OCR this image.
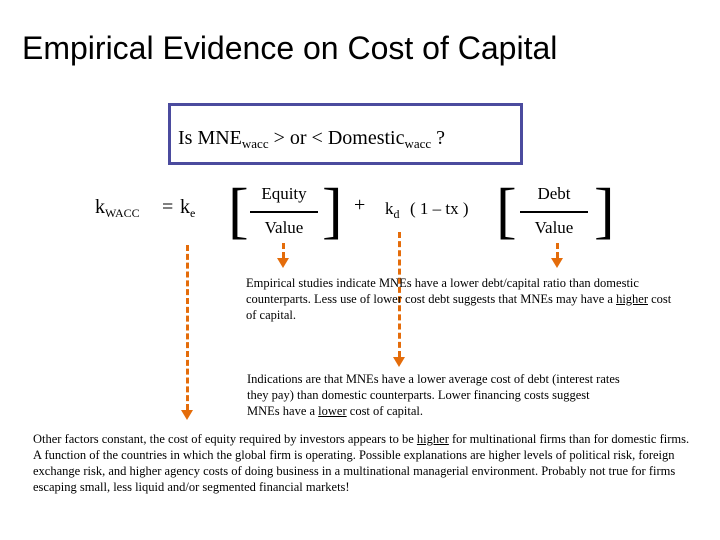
Empirical Evidence on Cost of Capital
Is $MNE_{wacc}$ > or < Domestic$_{wacc}$ ?
$k_{WACC} = k_e$ [ Equity
Value ] + $k_d$ ( 1 – tx ) [	Debt
Value ]
Empirical studies indicate MNEs have a lower debt/capital ratio than domestic counterparts. Less use of lower cost debt suggests that MNEs may have a higher cost of capital.
Indications are that MNEs have a lower average cost of debt (interest rates they pay) than domestic counterparts. Lower financing costs suggest MNEs have a lower cost of capital.
Other factors constant, the cost of equity required by investors appears to be higher for multinational firms than for domestic firms. A function of the countries in which the global firm is operating. Possible explanations are higher levels of political risk, foreign exchange risk, and higher agency costs of doing business in a multinational managerial environment. Probably not true for firms escaping small, less liquid and/or segmented financial markets!
